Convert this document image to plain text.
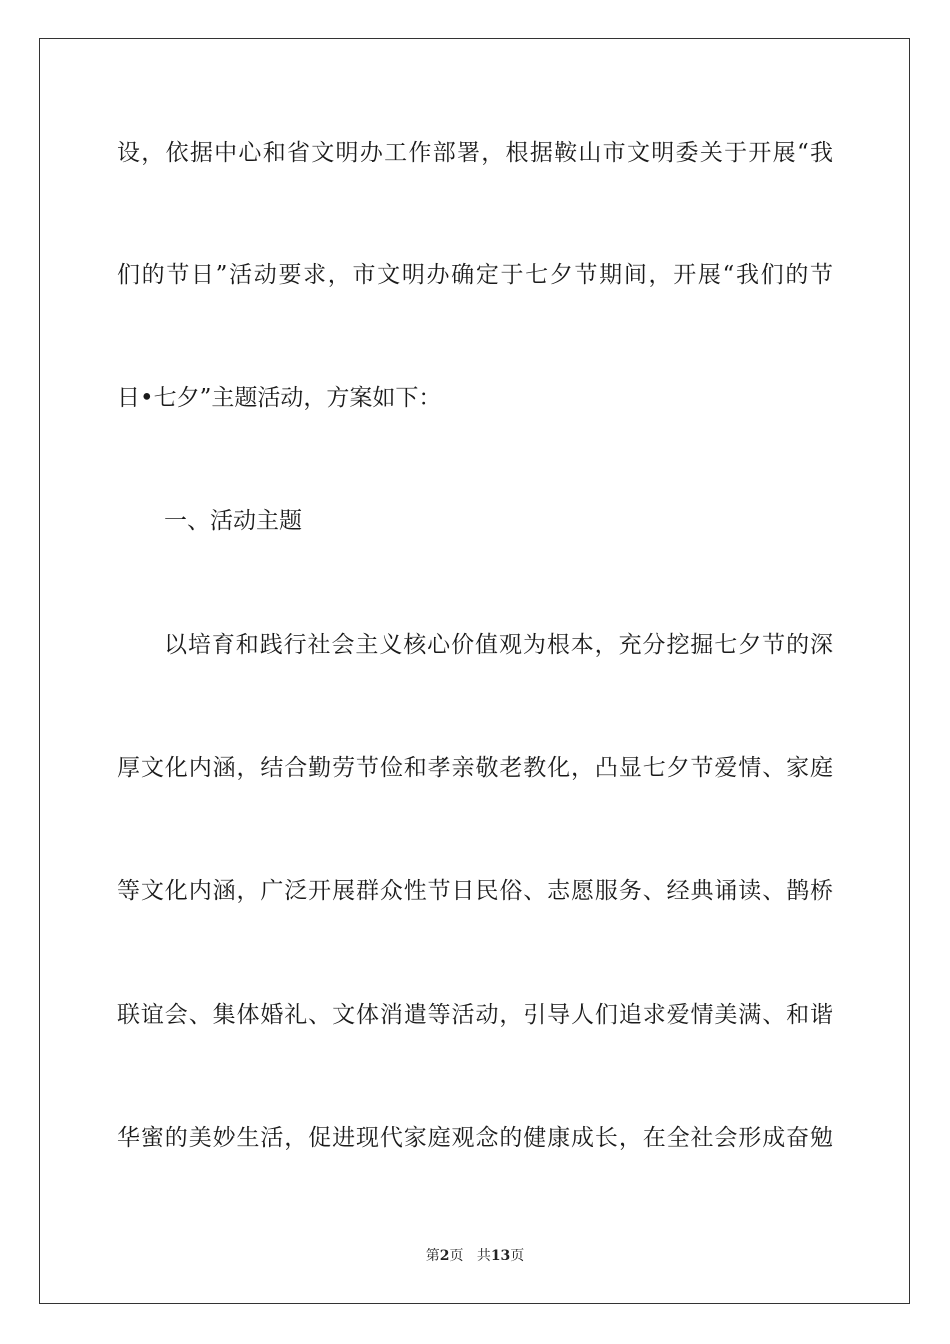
设，依据中心和省文明办工作部署，根据鞍山市文明委关于开展“我
们的节日”活动要求，市文明办确定于七夕节期间，开展“我们的节
日•七夕”主题活动，方案如下：
一、活动主题
以培育和践行社会主义核心价值观为根本，充分挖掘七夕节的深
厚文化内涵，结合勤劳节俭和孝亲敬老教化，凸显七夕节爱情、家庭
等文化内涵，广泛开展群众性节日民俗、志愿服务、经典诵读、鹊桥
联谊会、集体婚礼、文体消遣等活动，引导人们追求爱情美满、和谐
华蜜的美妙生活，促进现代家庭观念的健康成长，在全社会形成奋勉
第2页 共13页
